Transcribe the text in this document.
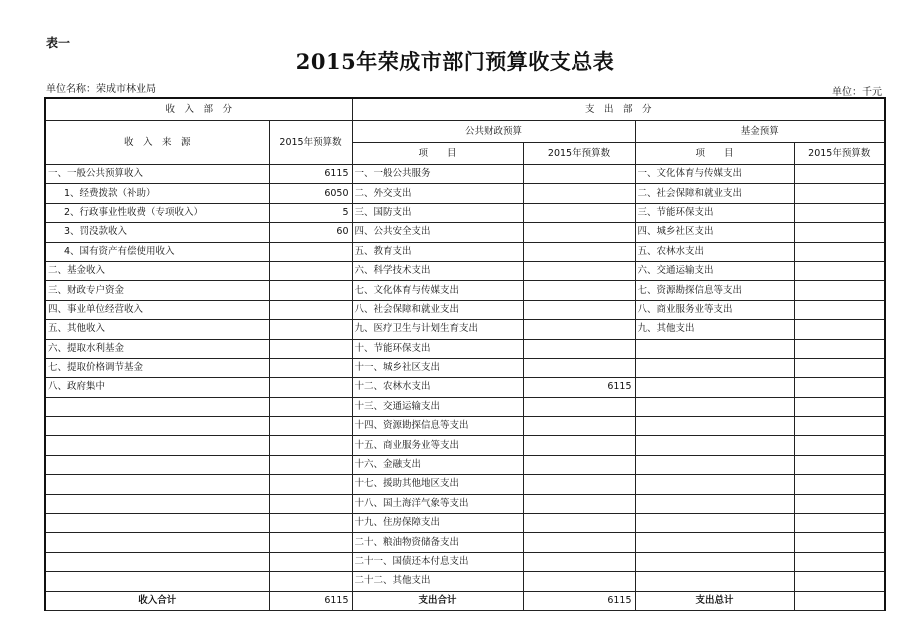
表一
2015年荣成市部门预算收支总表
单位名称：荣成市林业局	单位：千元
收　入　部　分		支　出　部　分			
收　入　来　源	2015年预算数	公共财政预算		基金预算	
		项　　目	2015年预算数	项　　目	2015年预算数
一、一般公共预算收入	6115	一、一般公共服务		一、文化体育与传媒支出	
1、经费拨款（补助）	6050	二、外交支出		二、社会保障和就业支出	
2、行政事业性收费（专项收入）	5	三、国防支出		三、节能环保支出	
3、罚没款收入	60	四、公共安全支出		四、城乡社区支出	
4、国有资产有偿使用收入		五、教育支出		五、农林水支出	
二、基金收入		六、科学技术支出		六、交通运输支出	
三、财政专户资金		七、文化体育与传媒支出		七、资源勘探信息等支出	
四、事业单位经营收入		八、社会保障和就业支出		八、商业服务业等支出	
五、其他收入		九、医疗卫生与计划生育支出		九、其他支出	
六、提取水利基金		十、节能环保支出			
七、提取价格调节基金		十一、城乡社区支出			
八、政府集中		十二、农林水支出	6115		
		十三、交通运输支出			
		十四、资源勘探信息等支出			
		十五、商业服务业等支出			
		十六、金融支出			
		十七、援助其他地区支出			
		十八、国土海洋气象等支出			
		十九、住房保障支出			
		二十、粮油物资储备支出			
		二十一、国债还本付息支出			
		二十二、其他支出			
收入合计	6115	支出合计	6115	支出总计	
